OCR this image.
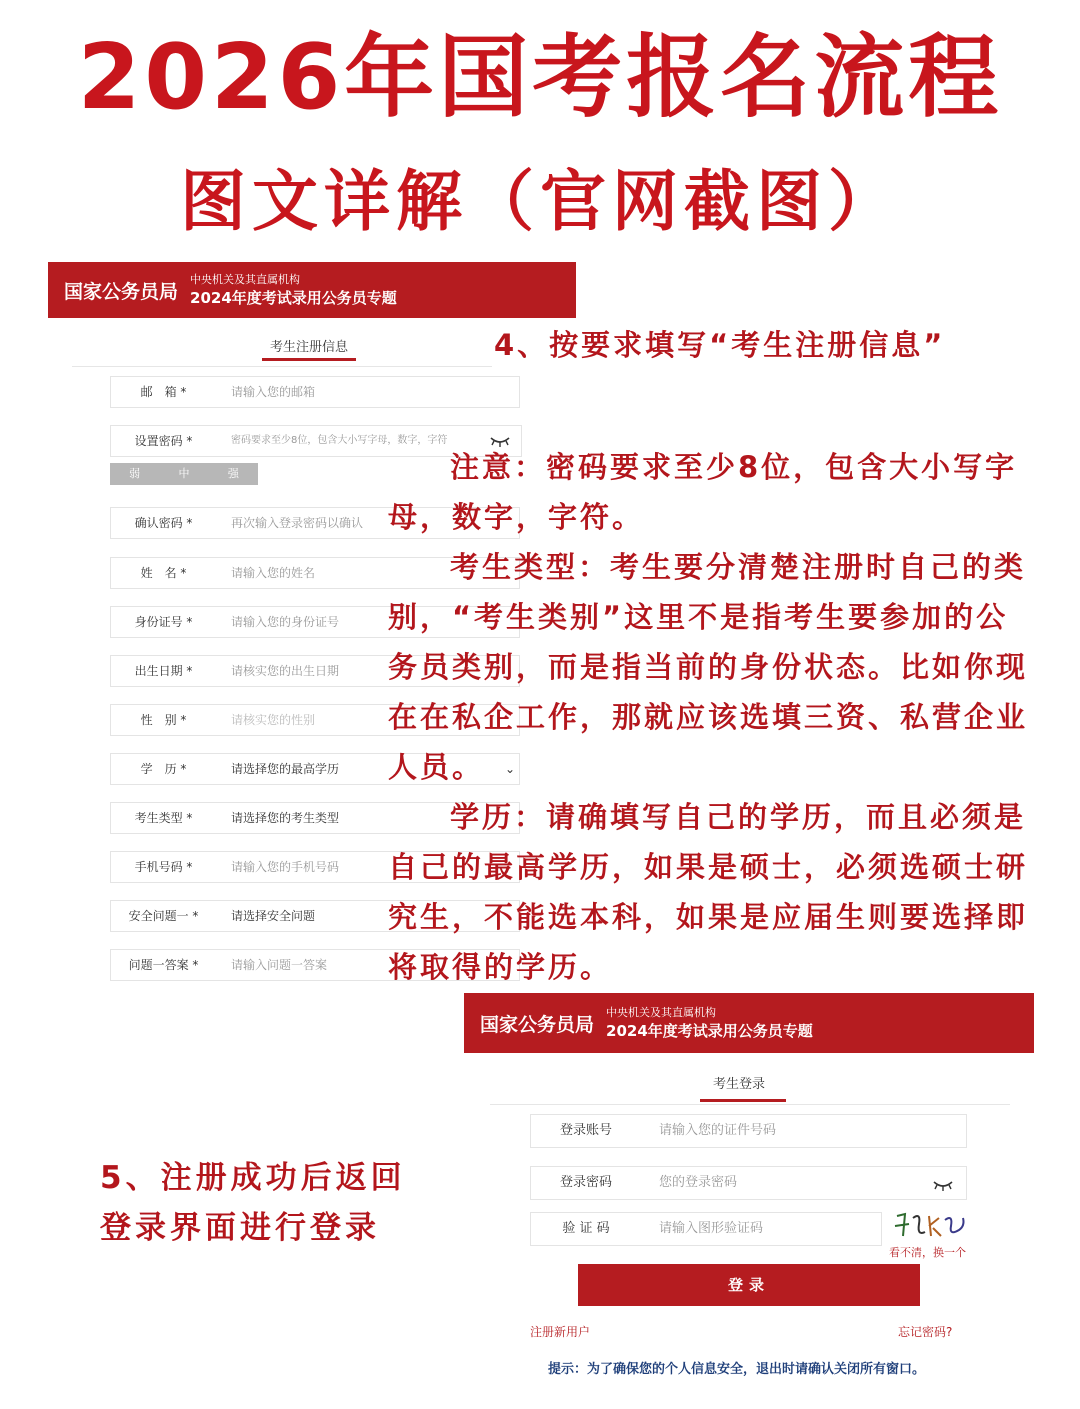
2026年国考报名流程
图文详解（官网截图）
国家公务员局
中央机关及其直属机构
2024年度考试录用公务员专题
考生注册信息
邮　箱 *	请输入您的邮箱
设置密码 *	密码要求至少8位，包含大小写字母，数字，字符
弱	中	强
确认密码 *	再次输入登录密码以确认
姓　名 *	请输入您的姓名
身份证号 *	请输入您的身份证号
出生日期 *	请核实您的出生日期
性　别 *	请核实您的性别
学　历 *	请选择您的最高学历	⌄
考生类型 *	请选择您的考生类型
手机号码 *	请输入您的手机号码
安全问题一 *	请选择安全问题
问题一答案 *	请输入问题一答案
4、按要求填写“考生注册信息”
注意：密码要求至少8位，包含大小写字
母，数字，字符。
考生类型：考生要分清楚注册时自己的类
别，“考生类别”这里不是指考生要参加的公
务员类别，而是指当前的身份状态。比如你现
在在私企工作，那就应该选填三资、私营企业
人员。
学历：请确填写自己的学历，而且必须是
自己的最高学历，如果是硕士，必须选硕士研
究生，不能选本科，如果是应届生则要选择即
将取得的学历。
国家公务员局
中央机关及其直属机构
2024年度考试录用公务员专题
考生登录
登录账号	请输入您的证件号码
登录密码	您的登录密码
验 证 码	请输入图形验证码
看不清，换一个
登录
注册新用户	忘记密码?
提示：为了确保您的个人信息安全，退出时请确认关闭所有窗口。
5、注册成功后返回
登录界面进行登录
